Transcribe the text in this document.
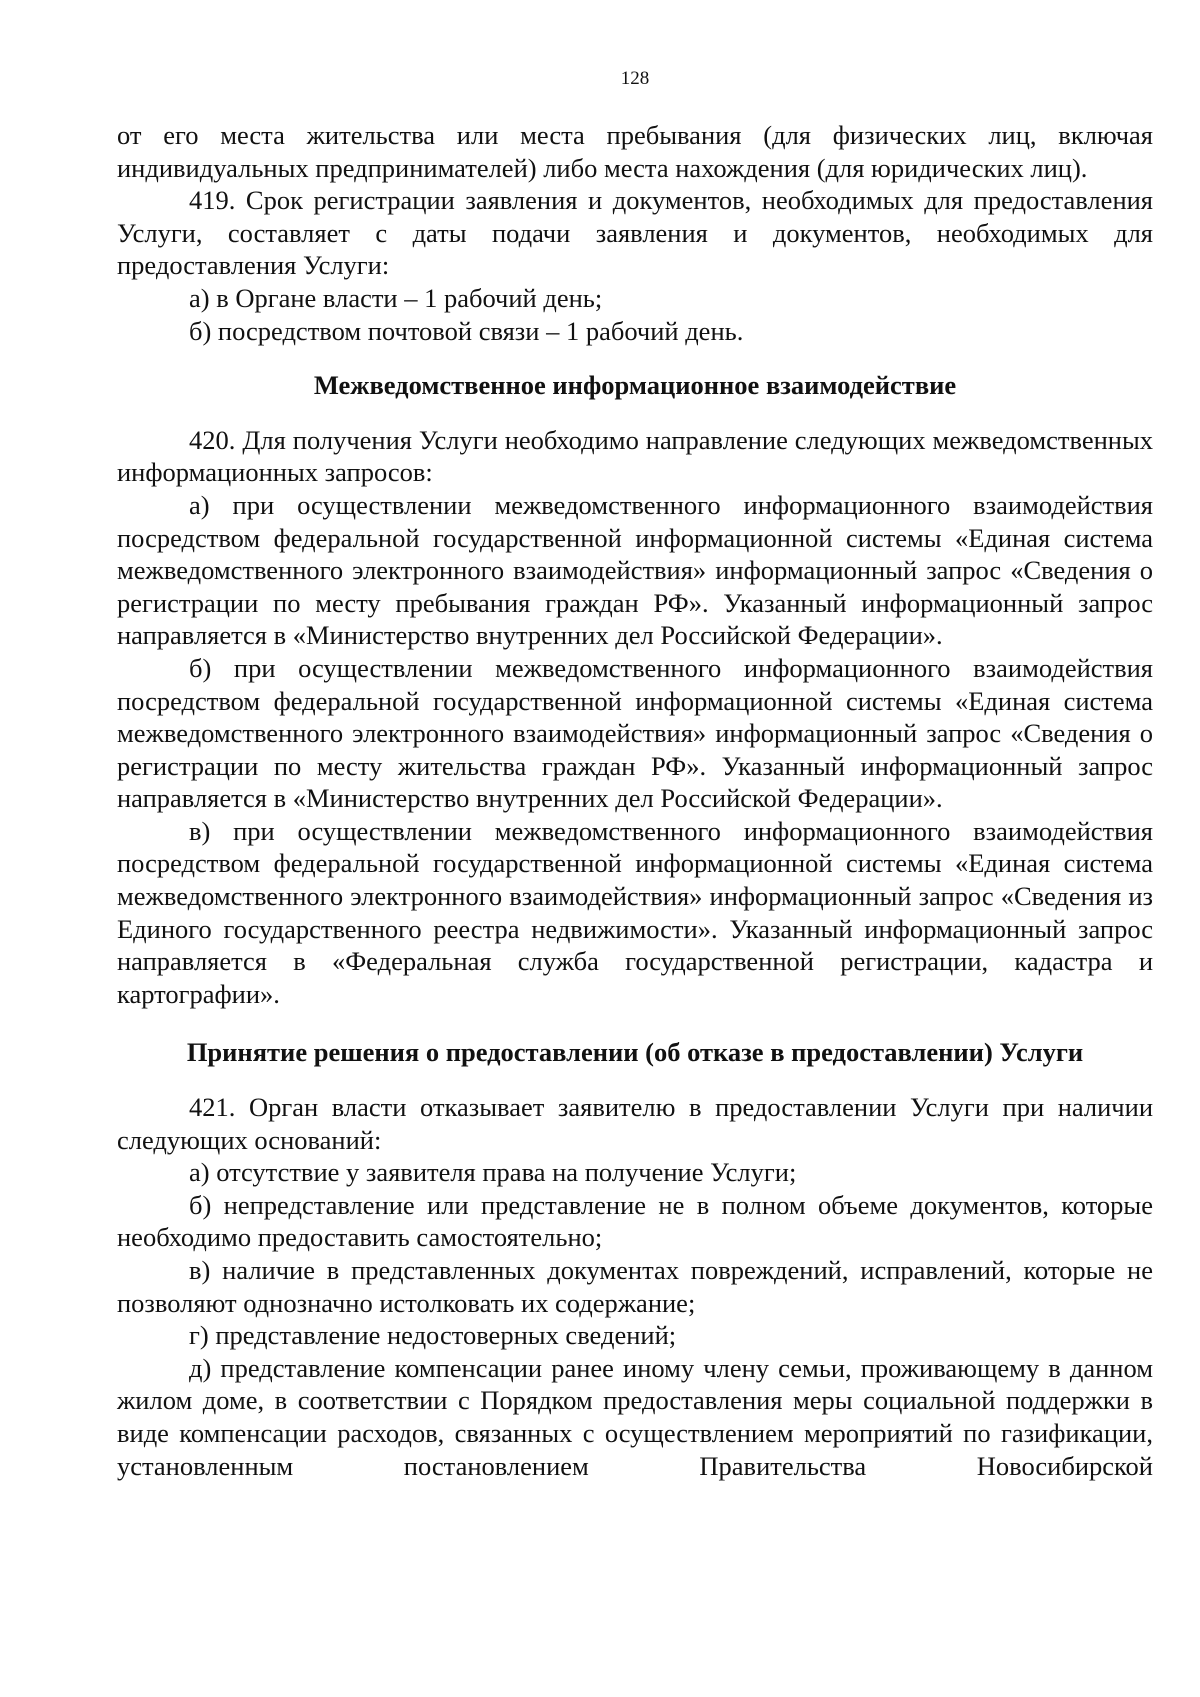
128

от его места жительства или места пребывания (для физических лиц, включая индивидуальных предпринимателей) либо места нахождения (для юридических лиц).

419. Срок регистрации заявления и документов, необходимых для предоставления Услуги, составляет с даты подачи заявления и документов, необходимых для предоставления Услуги:

а) в Органе власти – 1 рабочий день;

б) посредством почтовой связи – 1 рабочий день.

Межведомственное информационное взаимодействие

420. Для получения Услуги необходимо направление следующих межведомственных информационных запросов:

а) при осуществлении межведомственного информационного взаимодействия посредством федеральной государственной информационной системы «Единая система межведомственного электронного взаимодействия» информационный запрос «Сведения о регистрации по месту пребывания граждан РФ». Указанный информационный запрос направляется в «Министерство внутренних дел Российской Федерации».

б) при осуществлении межведомственного информационного взаимодействия посредством федеральной государственной информационной системы «Единая система межведомственного электронного взаимодействия» информационный запрос «Сведения о регистрации по месту жительства граждан РФ». Указанный информационный запрос направляется в «Министерство внутренних дел Российской Федерации».

в) при осуществлении межведомственного информационного взаимодействия посредством федеральной государственной информационной системы «Единая система межведомственного электронного взаимодействия» информационный запрос «Сведения из Единого государственного реестра недвижимости». Указанный информационный запрос направляется в «Федеральная служба государственной регистрации, кадастра и картографии».

Принятие решения о предоставлении (об отказе в предоставлении) Услуги

421. Орган власти отказывает заявителю в предоставлении Услуги при наличии следующих оснований:

а) отсутствие у заявителя права на получение Услуги;

б) непредставление или представление не в полном объеме документов, которые необходимо предоставить самостоятельно;

в) наличие в представленных документах повреждений, исправлений, которые не позволяют однозначно истолковать их содержание;

г) представление недостоверных сведений;

д) представление компенсации ранее иному члену семьи, проживающему в данном жилом доме, в соответствии с Порядком предоставления меры социальной поддержки в виде компенсации расходов, связанных с осуществлением мероприятий по газификации, установленным постановлением Правительства Новосибирской
